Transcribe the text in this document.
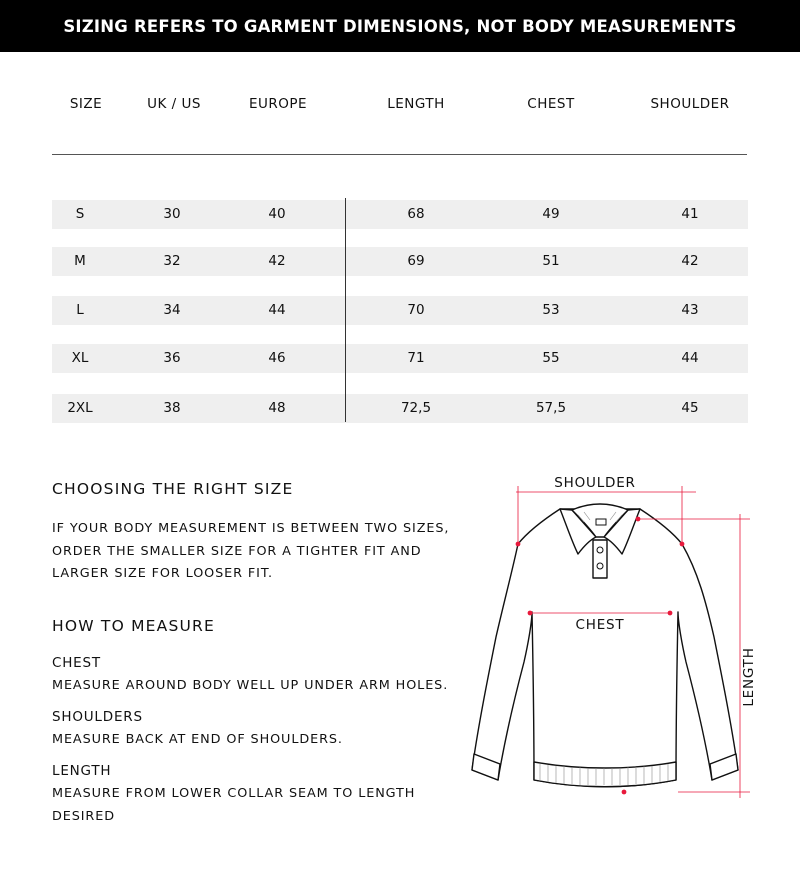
SIZING REFERS TO GARMENT DIMENSIONS, NOT BODY MEASUREMENTS
SIZE	UK / US	EUROPE	LENGTH	CHEST	SHOULDER
S	30	40	68	49	41
M	32	42	69	51	42
L	34	44	70	53	43
XL	36	46	71	55	44
2XL	38	48	72,5	57,5	45
CHOOSING THE RIGHT SIZE
IF YOUR BODY MEASUREMENT IS BETWEEN TWO SIZES, ORDER THE SMALLER SIZE FOR A TIGHTER FIT AND LARGER SIZE FOR LOOSER FIT.
HOW TO MEASURE
CHEST
MEASURE AROUND BODY WELL UP UNDER ARM HOLES.
SHOULDERS
MEASURE BACK AT END OF SHOULDERS.
LENGTH
MEASURE FROM LOWER COLLAR SEAM TO LENGTH DESIRED
SHOULDER
CHEST
LENGTH
